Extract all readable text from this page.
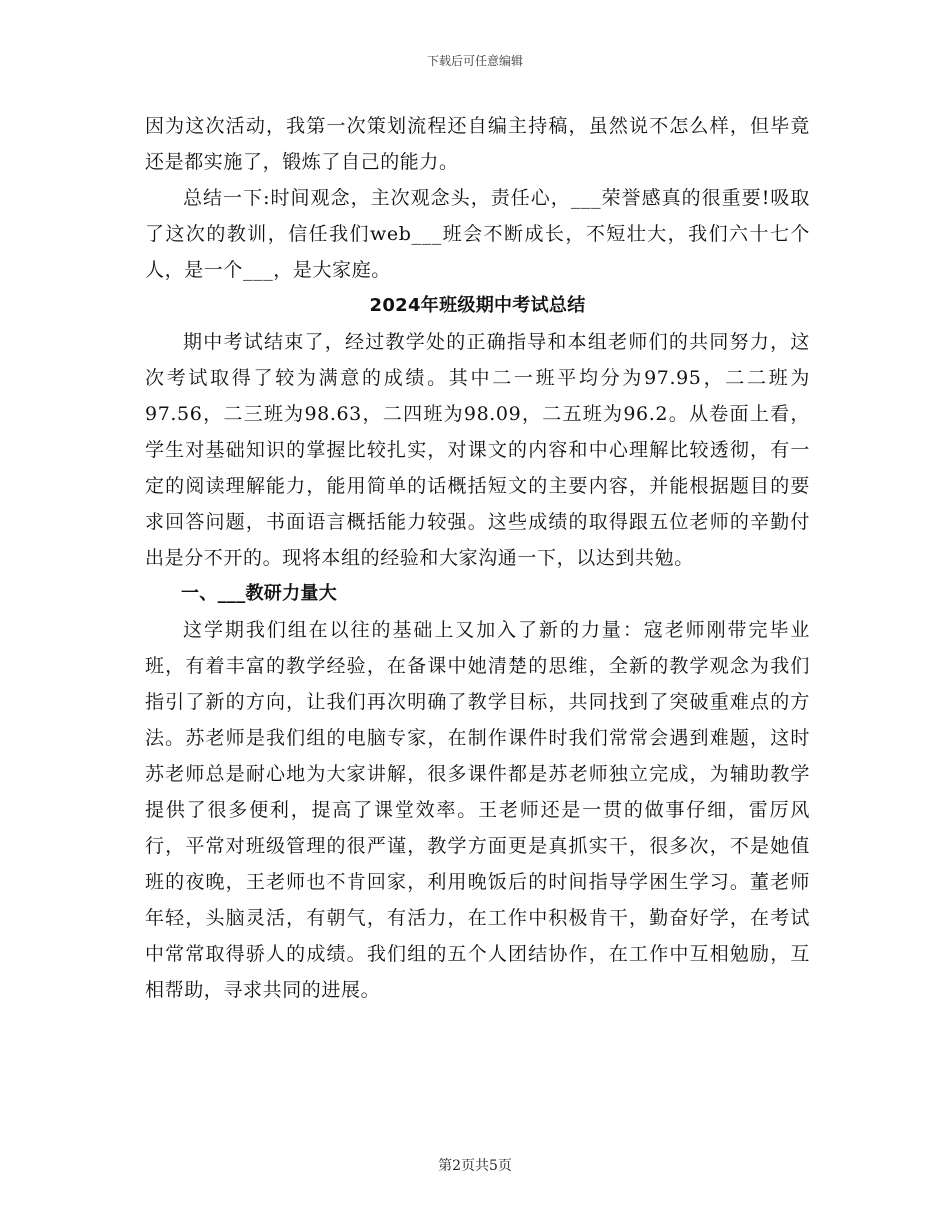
下载后可任意编辑

因为这次活动，我第一次策划流程还自编主持稿，虽然说不怎么样，但毕竟还是都实施了，锻炼了自己的能力。

总结一下:时间观念，主次观念头，责任心，___荣誉感真的很重要!吸取了这次的教训，信任我们web___班会不断成长，不短壮大，我们六十七个人，是一个___，是大家庭。

2024年班级期中考试总结

期中考试结束了，经过教学处的正确指导和本组老师们的共同努力，这次考试取得了较为满意的成绩。其中二一班平均分为97.95，二二班为97.56，二三班为98.63，二四班为98.09，二五班为96.2。从卷面上看，学生对基础知识的掌握比较扎实，对课文的内容和中心理解比较透彻，有一定的阅读理解能力，能用简单的话概括短文的主要内容，并能根据题目的要求回答问题，书面语言概括能力较强。这些成绩的取得跟五位老师的辛勤付出是分不开的。现将本组的经验和大家沟通一下，以达到共勉。

一、___教研力量大

这学期我们组在以往的基础上又加入了新的力量：寇老师刚带完毕业班，有着丰富的教学经验，在备课中她清楚的思维，全新的教学观念为我们指引了新的方向，让我们再次明确了教学目标，共同找到了突破重难点的方法。苏老师是我们组的电脑专家，在制作课件时我们常常会遇到难题，这时苏老师总是耐心地为大家讲解，很多课件都是苏老师独立完成，为辅助教学提供了很多便利，提高了课堂效率。王老师还是一贯的做事仔细，雷厉风行，平常对班级管理的很严谨，教学方面更是真抓实干，很多次，不是她值班的夜晚，王老师也不肯回家，利用晚饭后的时间指导学困生学习。董老师年轻，头脑灵活，有朝气，有活力，在工作中积极肯干，勤奋好学，在考试中常常取得骄人的成绩。我们组的五个人团结协作，在工作中互相勉励，互相帮助，寻求共同的进展。

第2页共5页
